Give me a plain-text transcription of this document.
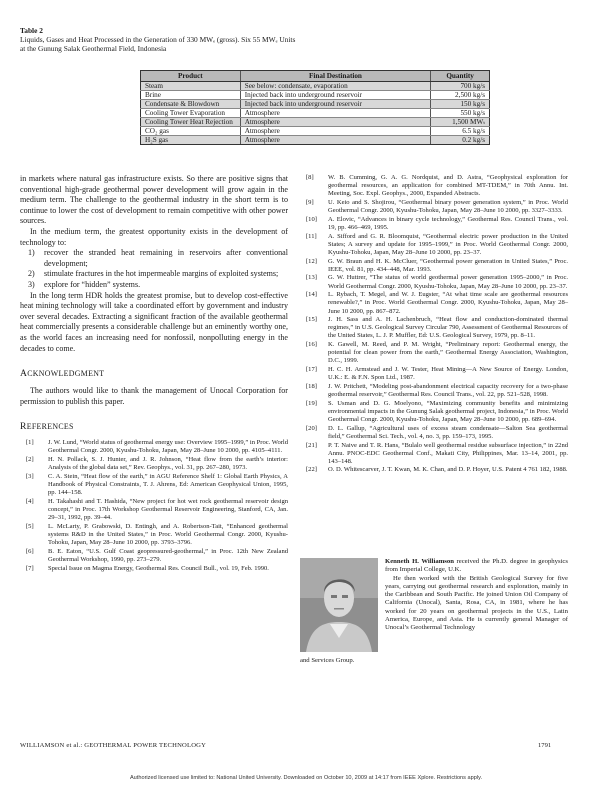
Table 2
Liquids, Gases and Heat Processed in the Generation of 330 MWₑ (gross). Six 55 MWₑ Units
at the Gunung Salak Geothermal Field, Indonesia
Product	Final Destination	Quantity
Steam	See below: condensate, evaporation	700 kg/s
Brine	Injected back into underground reservoir	2,500 kg/s
Condensate & Blowdown	Injected back into underground reservoir	150 kg/s
Cooling Tower Evaporation	Atmosphere	550 kg/s
Cooling Tower Heat Rejection	Atmosphere	1,500 MWₜ
CO₂ gas	Atmosphere	6.5 kg/s
H₂S gas	Atmosphere	0.2 kg/s

in markets where natural gas infrastructure exists. So there are positive signs that conventional high-grade geothermal power development will grow again in the medium term. The challenge to the geothermal industry in the short term is to continue to lower the cost of development to remain competitive with other power sources.

In the medium term, the greatest opportunity exists in the development of technology to:

1) recover the stranded heat remaining in reservoirs after conventional development;
2) stimulate fractures in the hot impermeable margins of exploited systems;
3) explore for “hidden” systems.

In the long term HDR holds the greatest promise, but to develop cost-effective heat mining technology will take a coordinated effort by government and industry over several decades. Extracting a significant fraction of the available geothermal heat commercially presents a considerable challenge but an eminently worthy one, as the world faces an increasing need for nonfossil, nonpolluting energy in the decades to come.

ACKNOWLEDGMENT

The authors would like to thank the management of Unocal Corporation for permission to publish this paper.

REFERENCES
[1] J. W. Lund, “World status of geothermal energy use: Overview 1995–1999,” in Proc. World Geothermal Congr. 2000, Kyushu-Tohoku, Japan, May 28–June 10 2000, pp. 4105–4111.
[2] H. N. Pollack, S. J. Hunter, and J. R. Johnson, “Heat flow from the earth’s interior: Analysis of the global data set,” Rev. Geophys., vol. 31, pp. 267–280, 1973.
[3] C. A. Stein, “Heat flow of the earth,” in AGU Reference Shelf 1: Global Earth Physics, A Handbook of Physical Constraints, T. J. Ahrens, Ed: American Geophysical Union, 1995, pp. 144–158.
[4] H. Takahashi and T. Hashida, “New project for hot wet rock geothermal reservoir design concept,” in Proc. 17th Workshop Geothermal Reservoir Engineering, Stanford, CA, Jan. 29–31, 1992, pp. 39–44.
[5] L. McLarty, P. Grabowski, D. Entingh, and A. Robertson-Tait, “Enhanced geothermal systems R&D in the United States,” in Proc. World Geothermal Congr. 2000, Kyushu-Tohoku, Japan, May 28–June 10 2000, pp. 3793–3796.
[6] B. E. Eaton, “U.S. Gulf Coast geopressured-geothermal,” in Proc. 12th New Zealand Geothermal Workshop, 1990, pp. 273–279.
[7] Special Issue on Magma Energy, Geothermal Res. Council Bull., vol. 19, Feb. 1990.
[8] W. B. Cumming, G. A. G. Nordquist, and D. Astra, “Geophysical exploration for geothermal resources, an application for combined MT-TDEM,” in 70th Annu. Int. Meeting, Soc. Expl. Geophys., 2000, Expanded Abstracts.
[9] U. Keio and S. Shojirou, “Geothermal binary power generation system,” in Proc. World Geothermal Congr. 2000, Kyushu-Tohoku, Japan, May 28–June 10 2000, pp. 3327–3333.
[10] A. Elovic, “Advances in binary cycle technology,” Geothermal Res. Council Trans., vol. 19, pp. 466–469, 1995.
[11] A. Sifford and G. R. Bloomquist, “Geothermal electric power production in the United States; A survey and update for 1995–1999,” in Proc. World Geothermal Congr. 2000, Kyushu-Tohoku, Japan, May 28–June 10 2000, pp. 23–37.
[12] G. W. Braun and H. K. McCluer, “Geothermal power generation in United States,” Proc. IEEE, vol. 81, pp. 434–448, Mar. 1993.
[13] G. W. Huttrer, “The status of world geothermal power generation 1995–2000,” in Proc. World Geothermal Congr. 2000, Kyushu-Tohoku, Japan, May 28–June 10 2000, pp. 23–37.
[14] L. Rybach, T. Megel, and W. J. Eugster, “At what time scale are geothermal resources renewable?,” in Proc. World Geothermal Congr. 2000, Kyushu-Tohoku, Japan, May 28–June 10 2000, pp. 867–872.
[15] J. H. Sass and A. H. Lachenbruch, “Heat flow and conduction-dominated thermal regimes,” in U.S. Geological Survey Circular 790, Assessment of Geothermal Resources of the United States, L. J. P. Muffler, Ed: U.S. Geological Survey, 1979, pp. 8–11.
[16] K. Gawell, M. Reed, and P. M. Wright, “Preliminary report: Geothermal energy, the potential for clean power from the earth,” Geothermal Energy Association, Washington, D.C., 1999.
[17] H. C. H. Armstead and J. W. Tester, Heat Mining—A New Source of Energy. London, U.K.: E. & F.N. Spon Ltd., 1987.
[18] J. W. Pritchett, “Modeling post-abandonment electrical capacity recovery for a two-phase geothermal reservoir,” Geothermal Res. Council Trans., vol. 22, pp. 521–528, 1998.
[19] S. Usman and D. G. Moelyono, “Maximizing community benefits and minimizing environmental impacts in the Gunung Salak geothermal project, Indonesia,” in Proc. World Geothermal Congr. 2000, Kyushu-Tohoku, Japan, May 28–June 10 2000, pp. 689–694.
[20] D. L. Gallup, “Agricultural uses of excess steam condensate—Salton Sea geothermal field,” Geothermal Sci. Tech., vol. 4, no. 3, pp. 159–173, 1995.
[21] P. T. Naive and T. R. Hans, “Bulalo well geothermal residue subsurface injection,” in 22nd Annu. PNOC-EDC Geothermal Conf., Makati City, Philippines, Mar. 13–14, 2001, pp. 143–148.
[22] O. D. Whitescarver, J. T. Kwan, M. K. Chan, and D. P. Hoyer, U.S. Patent 4 761 182, 1988.

Kenneth H. Williamson received the Ph.D. degree in geophysics from Imperial College, U.K.

He then worked with the British Geological Survey for five years, carrying out geothermal research and exploration, mainly in the Caribbean and South Pacific. He joined Union Oil Company of California (Unocal), Santa, Rosa, CA, in 1981, where he has worked for 20 years on geothermal projects in the U.S., Latin America, Europe, and Asia. He is currently general Manager of Unocal’s Geothermal Technology

and Services Group.
WILLIAMSON et al.: GEOTHERMAL POWER TECHNOLOGY	1791
Authorized licensed use limited to: National United University. Downloaded on October 10, 2009 at 14:17 from IEEE Xplore. Restrictions apply.
